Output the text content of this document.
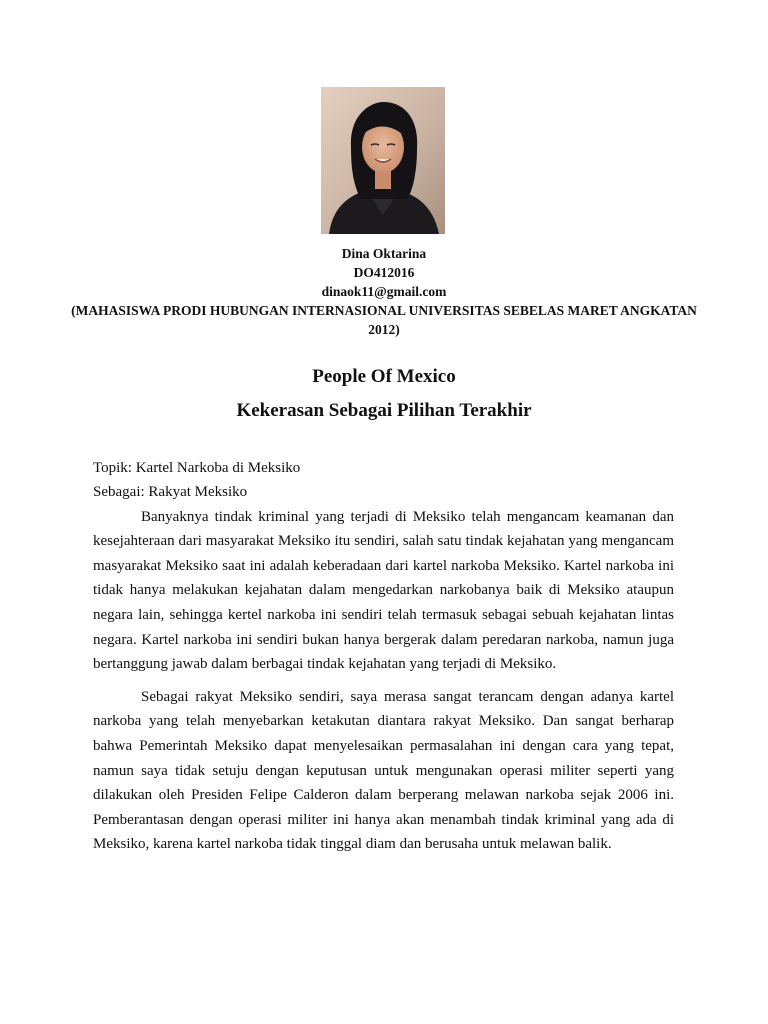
Dina Oktarina
DO412016
dinaok11@gmail.com
(MAHASISWA PRODI HUBUNGAN INTERNASIONAL UNIVERSITAS SEBELAS MARET ANGKATAN 2012)
People Of Mexico
Kekerasan Sebagai Pilihan Terakhir

Topik: Kartel Narkoba di Meksiko

Sebagai: Rakyat Meksiko

Banyaknya tindak kriminal yang terjadi di Meksiko telah mengancam keamanan dan kesejahteraan dari masyarakat Meksiko itu sendiri, salah satu tindak kejahatan yang mengancam masyarakat Meksiko saat ini adalah keberadaan dari kartel narkoba Meksiko. Kartel narkoba ini tidak hanya melakukan kejahatan dalam mengedarkan narkobanya baik di Meksiko ataupun negara lain, sehingga kertel narkoba ini sendiri telah termasuk sebagai sebuah kejahatan lintas negara. Kartel narkoba ini sendiri bukan hanya bergerak dalam peredaran narkoba, namun juga bertanggung jawab dalam berbagai tindak kejahatan yang terjadi di Meksiko.

Sebagai rakyat Meksiko sendiri, saya merasa sangat terancam dengan adanya kartel narkoba yang telah menyebarkan ketakutan diantara rakyat Meksiko. Dan sangat berharap bahwa Pemerintah Meksiko dapat menyelesaikan permasalahan ini dengan cara yang tepat, namun saya tidak setuju dengan keputusan untuk mengunakan operasi militer seperti yang dilakukan oleh Presiden Felipe Calderon dalam berperang melawan narkoba sejak 2006 ini. Pemberantasan dengan operasi militer ini hanya akan menambah tindak kriminal yang ada di Meksiko, karena kartel narkoba tidak tinggal diam dan berusaha untuk melawan balik.
